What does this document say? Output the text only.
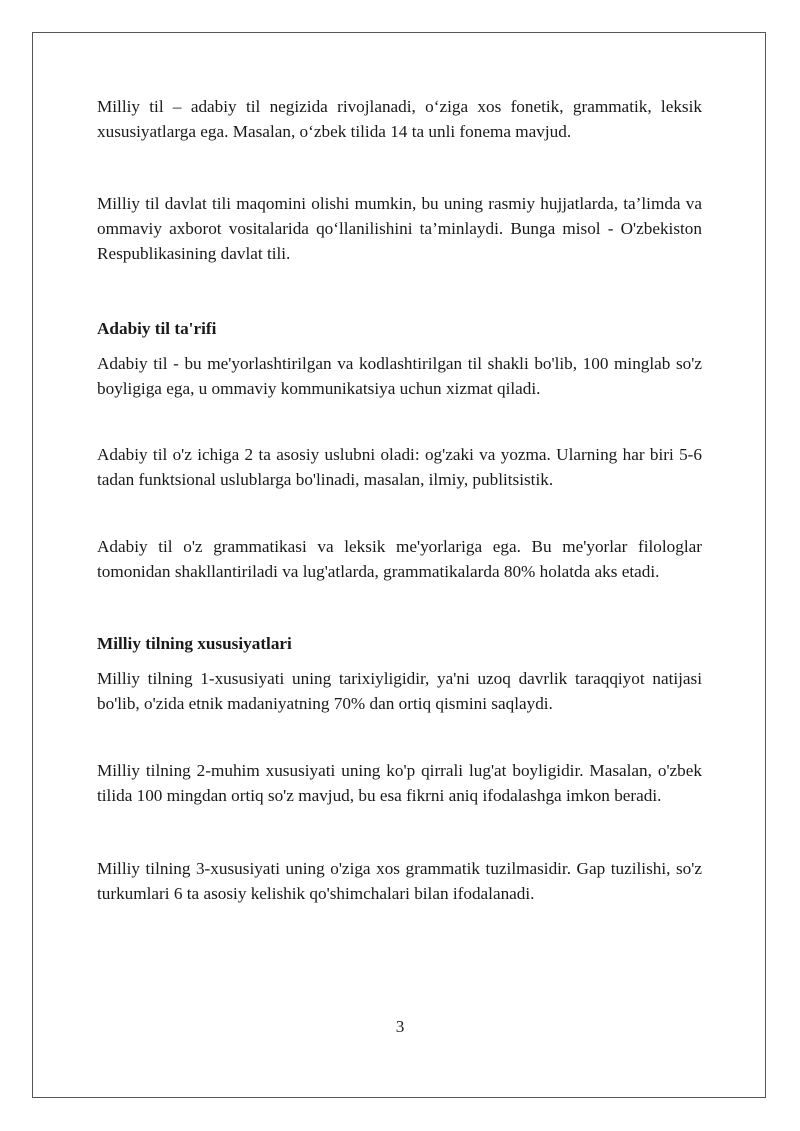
Milliy til – adabiy til negizida rivojlanadi, o‘ziga xos fonetik, grammatik, leksik xususiyatlarga ega. Masalan, o‘zbek tilida 14 ta unli fonema mavjud.

Milliy til davlat tili maqomini olishi mumkin, bu uning rasmiy hujjatlarda, ta’limda va ommaviy axborot vositalarida qo‘llanilishini ta’minlaydi. Bunga misol - O'zbekiston Respublikasining davlat tili.

Adabiy til ta'rifi

Adabiy til - bu me'yorlashtirilgan va kodlashtirilgan til shakli bo'lib, 100 minglab so'z boyligiga ega, u ommaviy kommunikatsiya uchun xizmat qiladi.

Adabiy til o'z ichiga 2 ta asosiy uslubni oladi: og'zaki va yozma. Ularning har biri 5-6 tadan funktsional uslublarga bo'linadi, masalan, ilmiy, publitsistik.

Adabiy til o'z grammatikasi va leksik me'yorlariga ega. Bu me'yorlar filologlar tomonidan shakllantiriladi va lug'atlarda, grammatikalarda 80% holatda aks etadi.

Milliy tilning xususiyatlari

Milliy tilning 1-xususiyati uning tarixiyligidir, ya'ni uzoq davrlik taraqqiyot natijasi bo'lib, o'zida etnik madaniyatning 70% dan ortiq qismini saqlaydi.

Milliy tilning 2-muhim xususiyati uning ko'p qirrali lug'at boyligidir. Masalan, o'zbek tilida 100 mingdan ortiq so'z mavjud, bu esa fikrni aniq ifodalashga imkon beradi.

Milliy tilning 3-xususiyati uning o'ziga xos grammatik tuzilmasidir. Gap tuzilishi, so'z turkumlari 6 ta asosiy kelishik qo'shimchalari bilan ifodalanadi.

3
